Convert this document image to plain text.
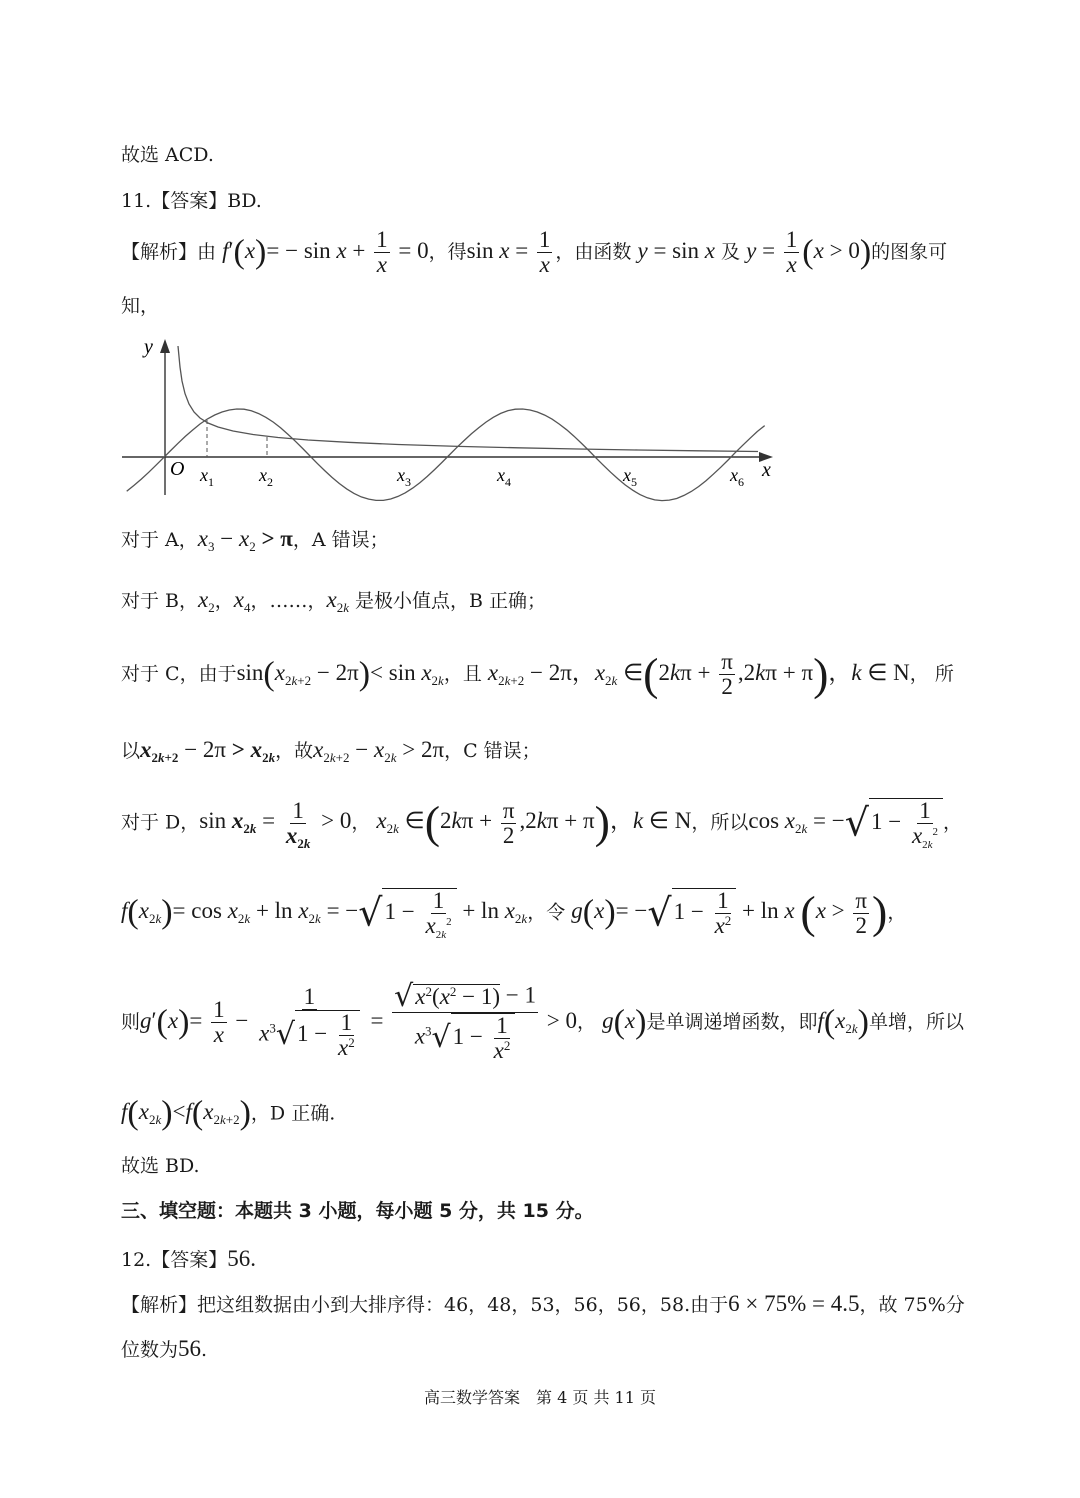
故选 ACD.
11.【答案】BD.
【解析】由 $f'(x)= - \sin x + \frac{1}{x} = 0$，得$\sin x = \frac{1}{x}$ ，由函数 y = sin x 及 $y = \frac{1}{x} (x > 0)$的图象可
知，
y
x
O $x_1$	$x_2$	$x_3$	$x_4$	$x_5$	$x_6$
对于 A，$x_3 - x_2 > \pi$，A 错误；
对于 B，$x_2$，$x_4$，……，$x_{2k}$ 是极小值点，B 正确；
对于 C，由于$\sin(x_{2k+2} - 2\pi)< \sin x_{2k}$，且 $x_{2k+2} - 2\pi$，$x_{2k}$ ∈(2kπ + $\frac{\pi}{2} ,2k\pi + \pi$)，k ∈ N， 所
以$x_{2k+2} - 2\pi > x_{2k}$，故$x_{2k+2} - x_{2k} > 2\pi$，C 错误；
对于 D，$\sin x_{2k} = \frac{1}{x_{2k}} > 0$， $x_{2k}$ ∈(2kπ + $\frac{\pi}{2} ,2k\pi + \pi$)，k ∈ N，所以$\cos x_{2k} = -√1 - \frac{1}{x_{2k}^2}$ ，
$f(x_{2k})= \cos x_{2k} + \ln x_{2k} = -√1 - \frac{1}{x_{2k}^2} + \ln x_{2k}$，令 $g(x)= -√1 - \frac{1}{x^2} + \ln x$ ($x > \frac{\pi}{2}$ )，
则$g'(x)= \frac{1}{x} - \frac{1}{x^3√1 - \frac{1}{x^2}} = \frac{√x^2(x^2 - 1) - 1}{x^3√1 - \frac{1}{x^2}} > 0$， g(x)是单调递增函数，即$f(x_{2k})$单增，所以
$f(x_{2k})<f(x_{2k+2})$，D 正确.
故选 BD.
三、填空题：本题共 3 小题，每小题 5 分，共 15 分。
12.【答案】56.
【解析】把这组数据由小到大排序得：46，48，53，56，56，58.由于6 × 75% = 4.5，故 75%分
位数为56.
高三数学答案　第 4 页 共 11 页
